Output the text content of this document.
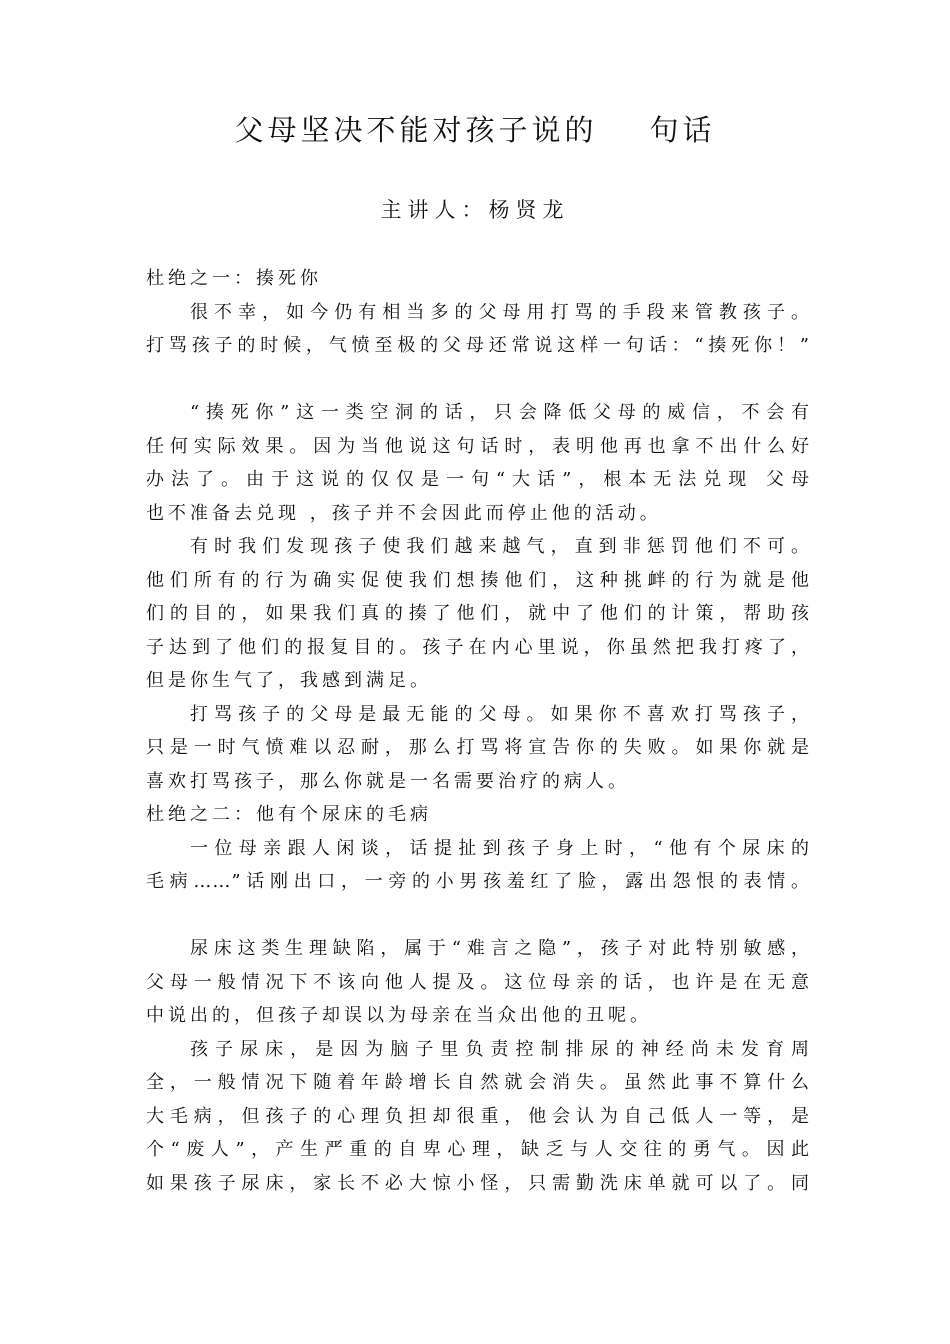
父母坚决不能对孩子说的 句话
主讲人：杨贤龙
杜绝之一：揍死你
很不幸，如今仍有相当多的父母用打骂的手段来管教孩子。
打骂孩子的时候，气愤至极的父母还常说这样一句话：“揍死你！”
“揍死你”这一类空洞的话，只会降低父母的威信，不会有
任何实际效果。因为当他说这句话时，表明他再也拿不出什么好
办法了。由于这说的仅仅是一句“大话”，根本无法兑现 父母
也不准备去兑现 ，孩子并不会因此而停止他的活动。
有时我们发现孩子使我们越来越气，直到非惩罚他们不可。
他们所有的行为确实促使我们想揍他们，这种挑衅的行为就是他
们的目的，如果我们真的揍了他们，就中了他们的计策，帮助孩
子达到了他们的报复目的。孩子在内心里说，你虽然把我打疼了，
但是你生气了，我感到满足。
打骂孩子的父母是最无能的父母。如果你不喜欢打骂孩子，
只是一时气愤难以忍耐，那么打骂将宣告你的失败。如果你就是
喜欢打骂孩子，那么你就是一名需要治疗的病人。
杜绝之二：他有个尿床的毛病
一位母亲跟人闲谈，话提扯到孩子身上时，“他有个尿床的
毛病……”话刚出口，一旁的小男孩羞红了脸，露出怨恨的表情。
尿床这类生理缺陷，属于“难言之隐”，孩子对此特别敏感，
父母一般情况下不该向他人提及。这位母亲的话，也许是在无意
中说出的，但孩子却误以为母亲在当众出他的丑呢。
孩子尿床，是因为脑子里负责控制排尿的神经尚未发育周
全，一般情况下随着年龄增长自然就会消失。虽然此事不算什么
大毛病，但孩子的心理负担却很重，他会认为自己低人一等，是
个“废人”，产生严重的自卑心理，缺乏与人交往的勇气。因此
如果孩子尿床，家长不必大惊小怪，只需勤洗床单就可以了。同
